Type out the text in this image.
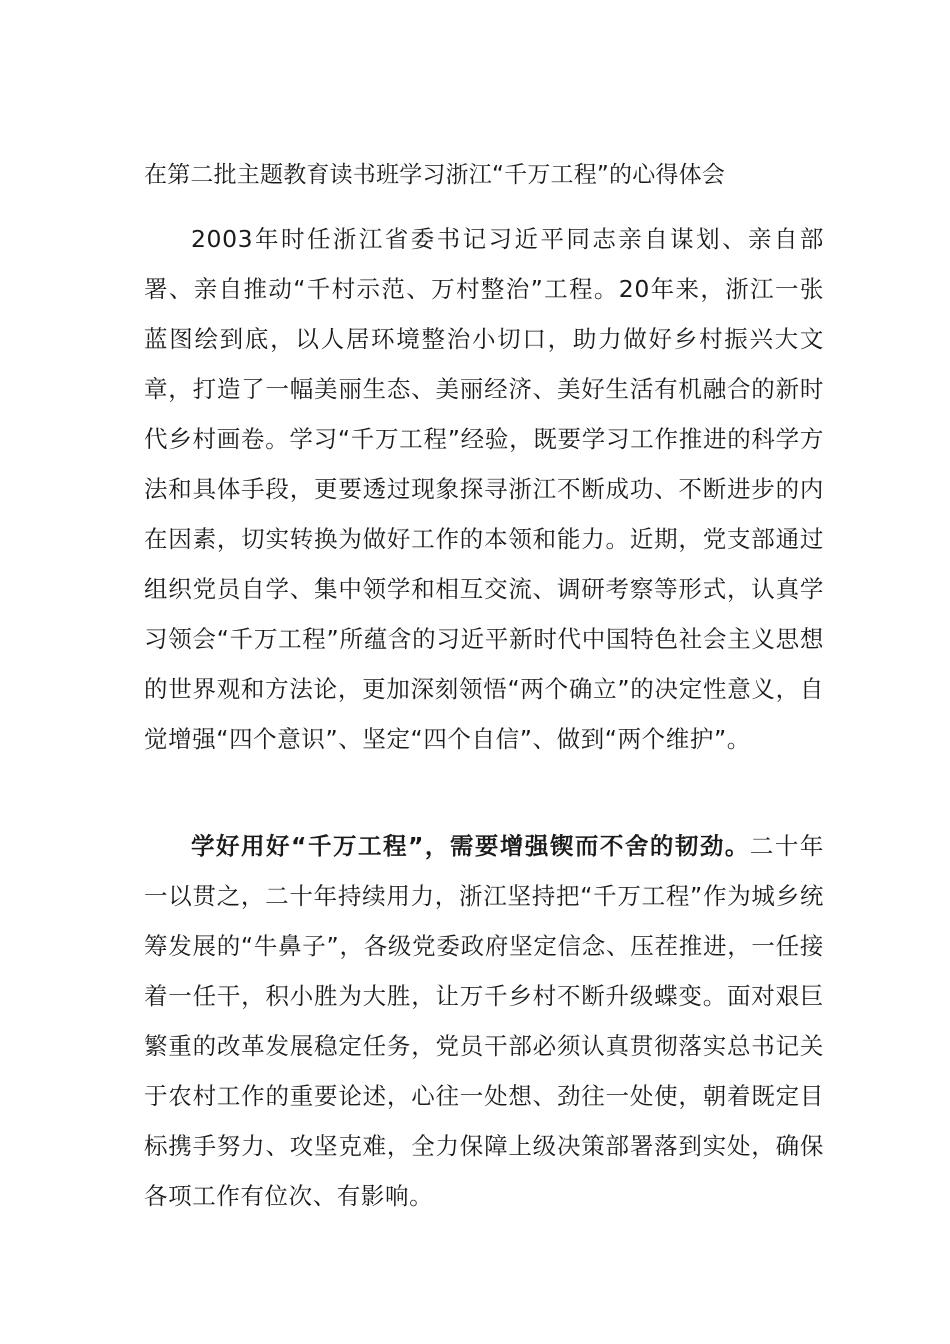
在第二批主题教育读书班学习浙江“千万工程”的心得体会

2003年时任浙江省委书记习近平同志亲自谋划、亲自部署、亲自推动“千村示范、万村整治”工程。20年来，浙江一张蓝图绘到底，以人居环境整治小切口，助力做好乡村振兴大文章，打造了一幅美丽生态、美丽经济、美好生活有机融合的新时代乡村画卷。学习“千万工程”经验，既要学习工作推进的科学方法和具体手段，更要透过现象探寻浙江不断成功、不断进步的内在因素，切实转换为做好工作的本领和能力。近期，党支部通过组织党员自学、集中领学和相互交流、调研考察等形式，认真学习领会“千万工程”所蕴含的习近平新时代中国特色社会主义思想的世界观和方法论，更加深刻领悟“两个确立”的决定性意义，自觉增强“四个意识”、坚定“四个自信”、做到“两个维护”。

学好用好“千万工程”，需要增强锲而不舍的韧劲。二十年一以贯之，二十年持续用力，浙江坚持把“千万工程”作为城乡统筹发展的“牛鼻子”，各级党委政府坚定信念、压茬推进，一任接着一任干，积小胜为大胜，让万千乡村不断升级蝶变。面对艰巨繁重的改革发展稳定任务，党员干部必须认真贯彻落实总书记关于农村工作的重要论述，心往一处想、劲往一处使，朝着既定目标携手努力、攻坚克难，全力保障上级决策部署落到实处，确保各项工作有位次、有影响。
